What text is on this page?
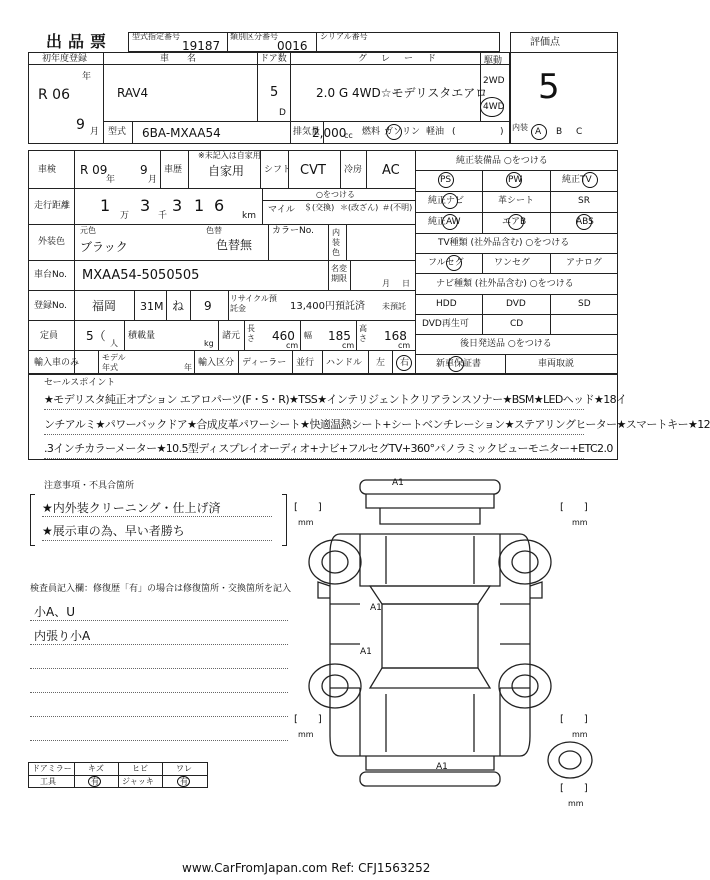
出品票 型式指定番号
19187
類別区分番号
0016
シリアル番号
評価点
5
初年度登録
R 06
年
9 月
車名
RAV4
ドア数
5
D
グレード
2.0 G 4WD☆モデリスタエアロ
駆動
2WD
4WD
型式 6BA-MXAA54	排気量
2,000
cc 燃料 ガソリン 軽油 (	) 内装 A B C
車検 R 09
年
9
月
車歴
※未記入は自家用
自家用 シフト CVT 冷房 AC
走行距離 1
万
3
千
3 1 6
km
○をつける
マイル ＄(交換) ＊(改ざん) ＃(不明)
外装色
元色
ブラック
色替
色替無
カラーNo. 内装色
車台No. MXAA54-5050505	名変期限
月 日
登録No. 福岡 31M ね 9
リサイクル預託金	13,400円預託済 未預託
定員 5（
人
積載量
kg
諸元
長さ 460
cm
幅 185
cm
高さ 168
cm
輸入車のみ
モデル年式	年 輸入区分 ディーラー 並行 ハンドル 左 右
純正装備品 ○をつける
PS	PW	純正TV
純正ナビ	革シート	SR
純正AW	エアB	ABS
TV種類 (社外品含む) ○をつける
フルセグ	ワンセグ	アナログ
ナビ種類 (社外品含む) ○をつける
HDD	DVD	SD
DVD再生可	CD
後日発送品 ○をつける
新車保証書	車両取説
セールスポイント
★モデリスタ純正オプション エアロパーツ(F・S・R)★TSS★インテリジェントクリアランスソナー★BSM★LEDヘッド★18イ
ンチアルミ★パワーバックドア★合成皮革パワーシート★快適温熱シート+シートベンチレーション★ステアリングヒーター★スマートキー★12
.3インチカラーメーター★10.5型ディスプレイオーディオ+ナビ+フルセグTV+360°パノラミックビューモニター+ETC2.0
注意事項・不具合箇所
★内外装クリーニング・仕上げ済
★展示車の為、早い者勝ち
検査員記入欄：修復歴「有」の場合は修復箇所・交換箇所を記入
小A、U
内張り小A
ドアミラー キズ	ヒビ	ワレ
工具	有	ジャッキ	有
A1
A1
A1
A1
[　　]
mm
[　　]
mm
[　　]
mm
[　　]
mm
[　　]
mm
www.CarFromJapan.com Ref: CFJ1563252
